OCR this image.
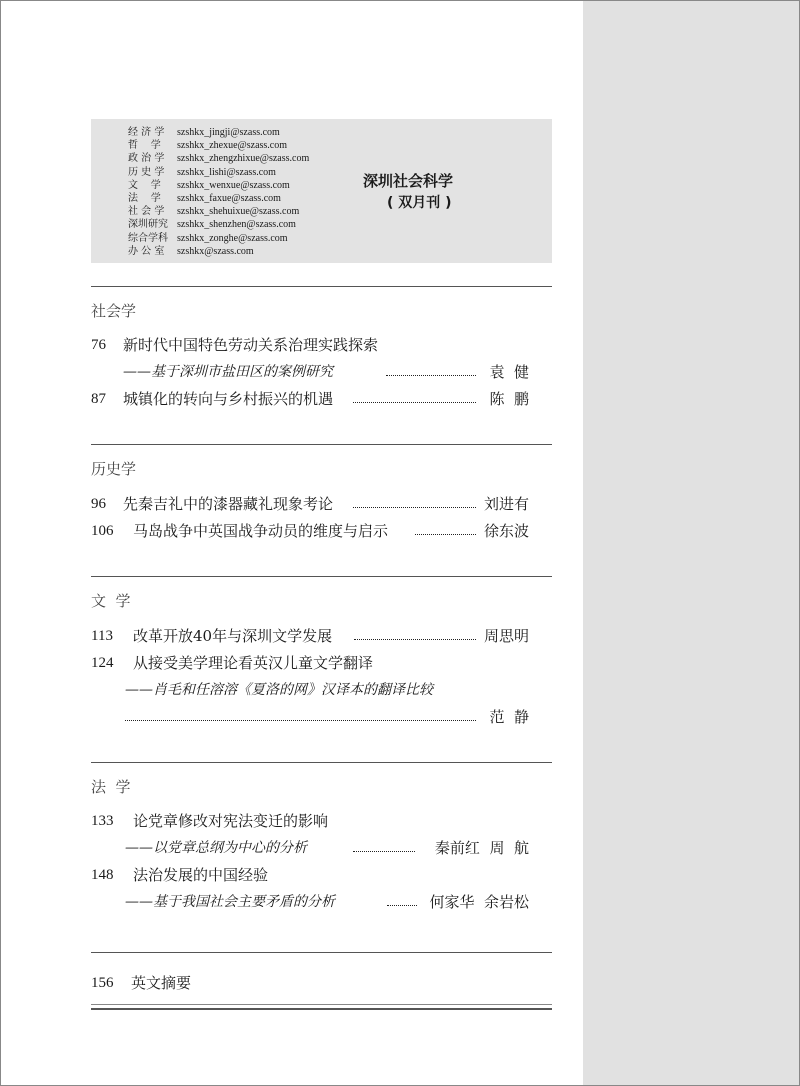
经 济 学	szshkx_jingji@szass.com
哲    学	szshkx_zhexue@szass.com
政 治 学	szshkx_zhengzhixue@szass.com
历 史 学	szshkx_lishi@szass.com
文    学	szshkx_wenxue@szass.com
法    学	szshkx_faxue@szass.com
社 会 学	szshkx_shehuixue@szass.com
深圳研究 szshkx_shenzhen@szass.com
综合学科 szshkx_zonghe@szass.com
办 公 室	szshkx@szass.com
深圳社会科学
( 双月刊 )
社会学
76 新时代中国特色劳动关系治理实践探索
——基于深圳市盐田区的案例研究	袁  健
87 城镇化的转向与乡村振兴的机遇	陈  鹏
历史学
96 先秦吉礼中的漆器藏礼现象考论	刘进有
106 马岛战争中英国战争动员的维度与启示	徐东波
文  学
113 改革开放40年与深圳文学发展	周思明
124 从接受美学理论看英汉儿童文学翻译
——肖毛和任溶溶《夏洛的网》汉译本的翻译比较
范  静
法  学
133 论党章修改对宪法变迁的影响
——以党章总纲为中心的分析	秦前红  周  航
148 法治发展的中国经验
——基于我国社会主要矛盾的分析	何家华  余岩松
156 英文摘要
